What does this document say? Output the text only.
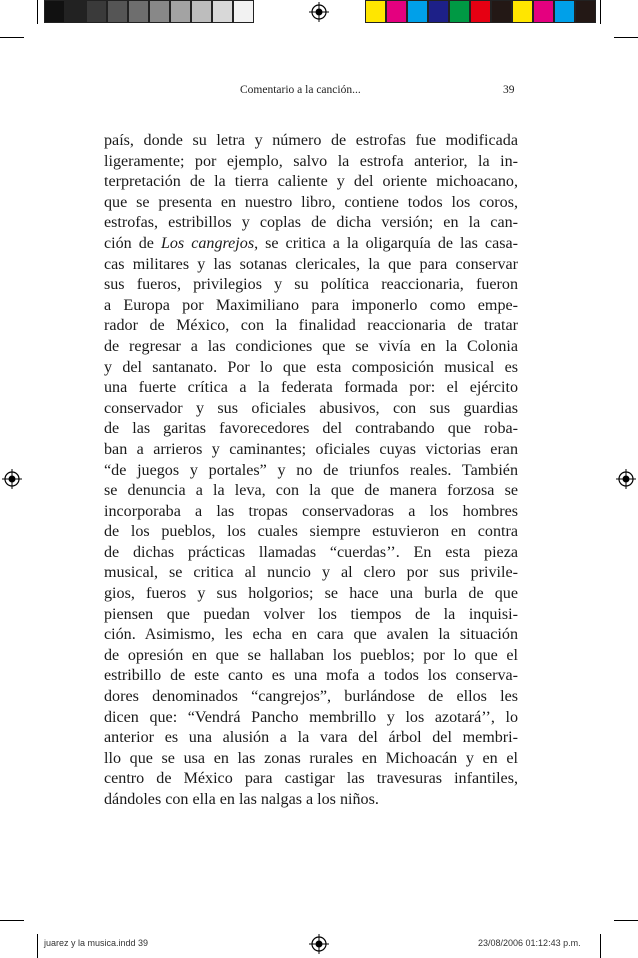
Comentario a la canción...	39
país, donde su letra y número de estrofas fue modificada
ligeramente; por ejemplo, salvo la estrofa anterior, la in-
terpretación de la tierra caliente y del oriente michoacano,
que se presenta en nuestro libro, contiene todos los coros,
estrofas, estribillos y coplas de dicha versión; en la can-
ción de Los cangrejos, se critica a la oligarquía de las casa-
cas militares y las sotanas clericales, la que para conservar
sus fueros, privilegios y su política reaccionaria, fueron
a Europa por Maximiliano para imponerlo como empe-
rador de México, con la finalidad reaccionaria de tratar
de regresar a las condiciones que se vivía en la Colonia
y del santanato. Por lo que esta composición musical es
una fuerte crítica a la federata formada por: el ejército
conservador y sus oficiales abusivos, con sus guardias
de las garitas favorecedores del contrabando que roba-
ban a arrieros y caminantes; oficiales cuyas victorias eran
“de juegos y portales” y no de triunfos reales. También
se denuncia a la leva, con la que de manera forzosa se
incorporaba a las tropas conservadoras a los hombres
de los pueblos, los cuales siempre estuvieron en contra
de dichas prácticas llamadas “cuerdas’’. En esta pieza
musical, se critica al nuncio y al clero por sus privile-
gios, fueros y sus holgorios; se hace una burla de que
piensen que puedan volver los tiempos de la inquisi-
ción. Asimismo, les echa en cara que avalen la situación
de opresión en que se hallaban los pueblos; por lo que el
estribillo de este canto es una mofa a todos los conserva-
dores denominados “cangrejos”, burlándose de ellos les
dicen que: “Vendrá Pancho membrillo y los azotará’’, lo
anterior es una alusión a la vara del árbol del membri-
llo que se usa en las zonas rurales en Michoacán y en el
centro de México para castigar las travesuras infantiles,
dándoles con ella en las nalgas a los niños.
juarez y la musica.indd 39	23/08/2006 01:12:43 p.m.
